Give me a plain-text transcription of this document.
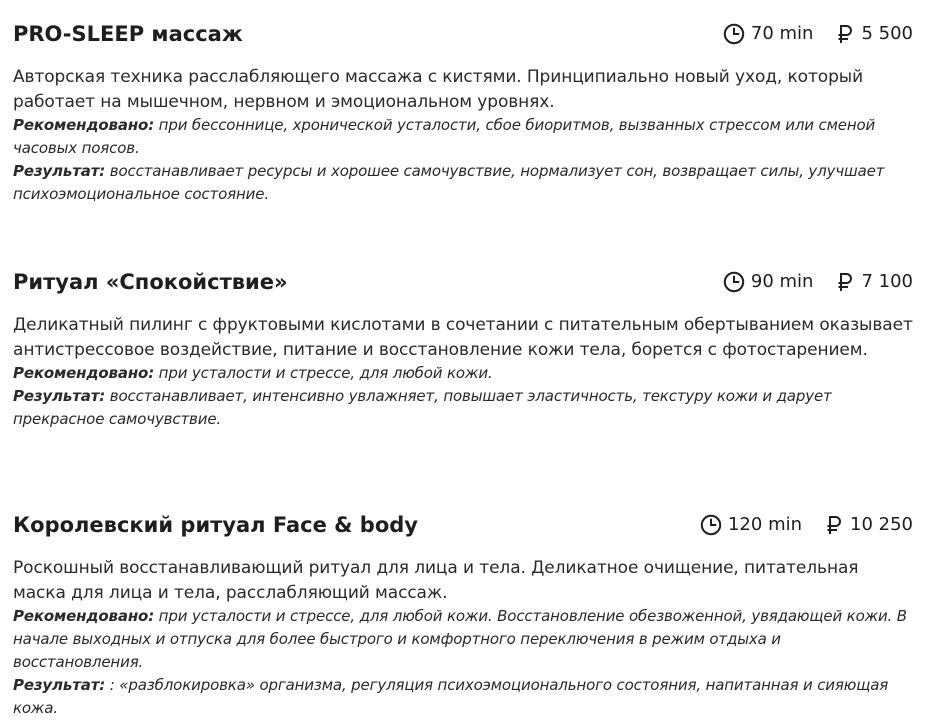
PRO-SLEEP массаж	70 min	5 500

Авторская техника расслабляющего массажа с кистями. Принципиально новый уход, который работает на мышечном, нервном и эмоциональном уровнях.

Рекомендовано: при бессоннице, хронической усталости, сбое биоритмов, вызванных стрессом или сменой часовых поясов.

Результат: восстанавливает ресурсы и хорошее самочувствие, нормализует сон, возвращает силы, улучшает психоэмоциональное состояние.

Ритуал «Спокойствие»	90 min	7 100

Деликатный пилинг с фруктовыми кислотами в сочетании с питательным обертыванием оказывает антистрессовое воздействие, питание и восстановление кожи тела, борется с фотостарением.

Рекомендовано: при усталости и стрессе, для любой кожи.

Результат: восстанавливает, интенсивно увлажняет, повышает эластичность, текстуру кожи и дарует прекрасное самочувствие.

Королевский ритуал Face & body	120 min	10 250

Роскошный восстанавливающий ритуал для лица и тела. Деликатное очищение, питательная маска для лица и тела, расслабляющий массаж.

Рекомендовано: при усталости и стрессе, для любой кожи. Восстановление обезвоженной, увядающей кожи. В начале выходных и отпуска для более быстрого и комфортного переключения в режим отдыха и восстановления.

Результат: : «разблокировка» организма, регуляция психоэмоционального состояния, напитанная и сияющая кожа.
